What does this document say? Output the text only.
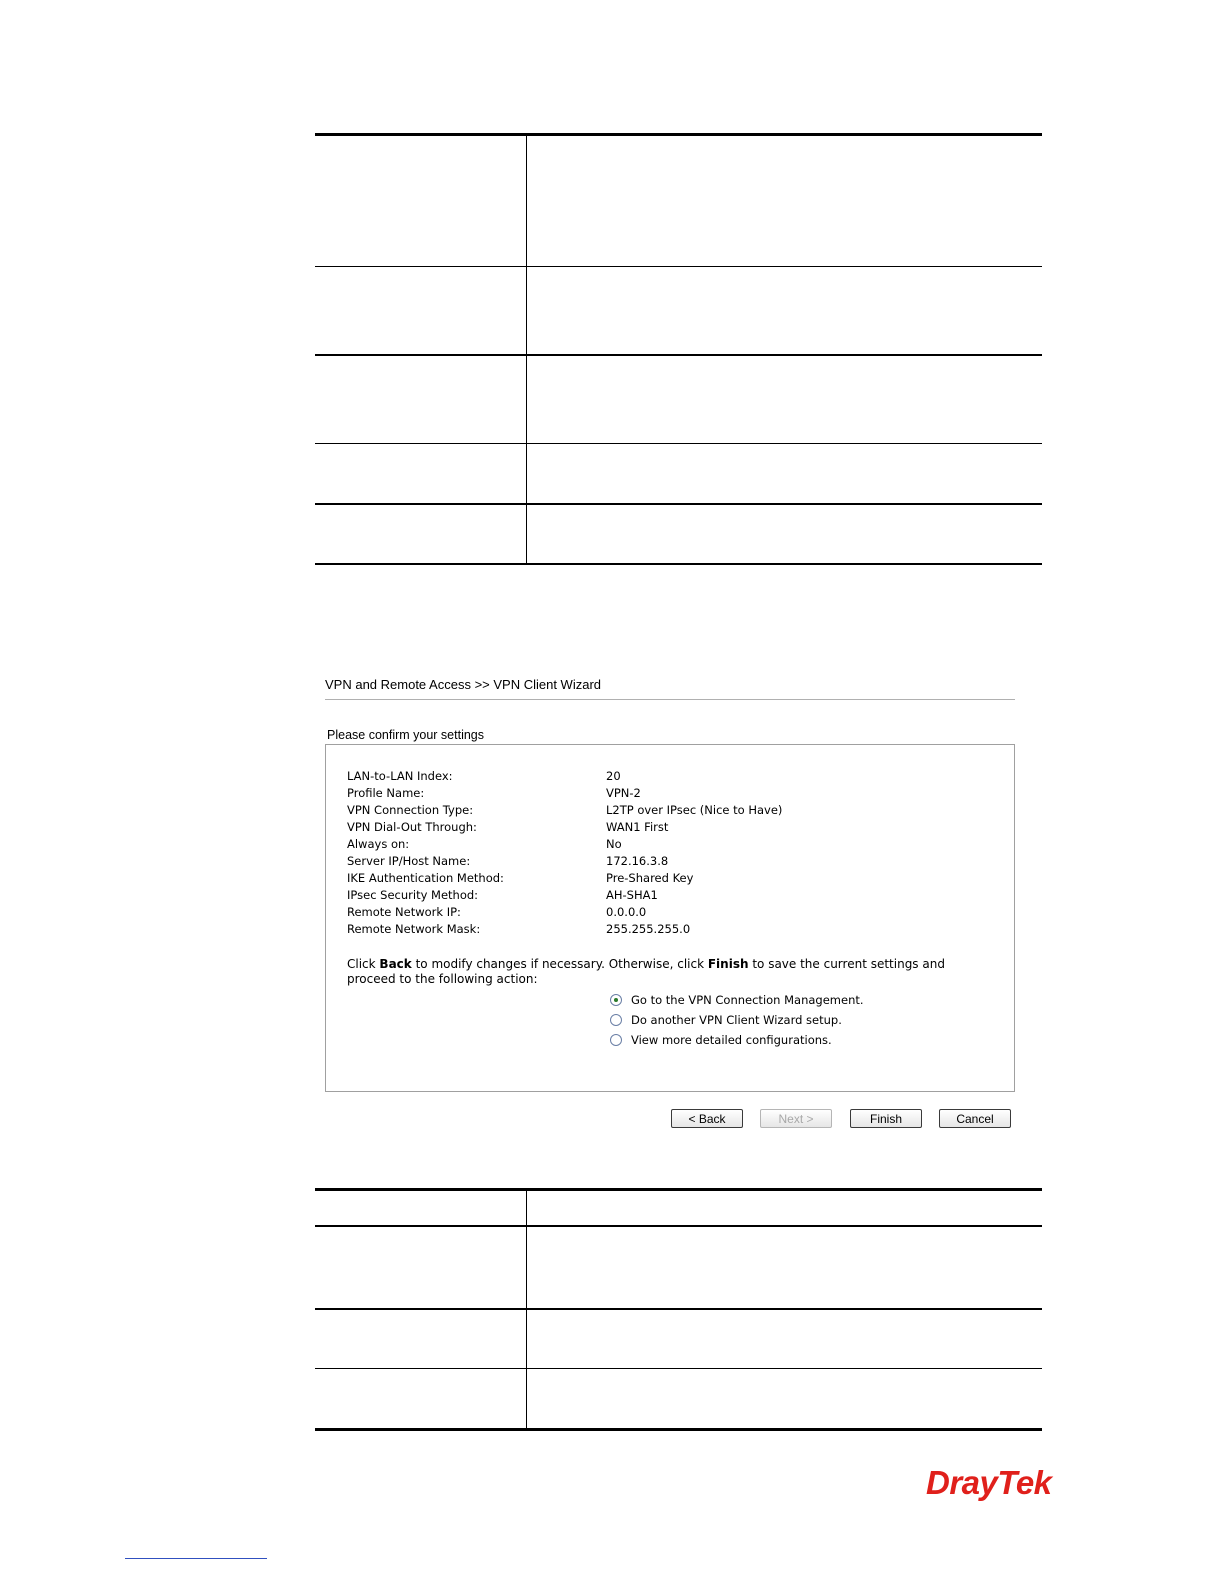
VPN and Remote Access >> VPN Client Wizard
Please confirm your settings
LAN-to-LAN Index:	20
Profile Name:	VPN-2
VPN Connection Type:	L2TP over IPsec (Nice to Have)
VPN Dial-Out Through:	WAN1 First
Always on:	No
Server IP/Host Name:	172.16.3.8
IKE Authentication Method:	Pre-Shared Key
IPsec Security Method:	AH-SHA1
Remote Network IP:	0.0.0.0
Remote Network Mask:	255.255.255.0
Click Back to modify changes if necessary. Otherwise, click Finish to save the current settings and proceed to the following action:
Go to the VPN Connection Management.
Do another VPN Client Wizard setup.
View more detailed configurations.
< Back	Next >	Finish	Cancel
DrayTek
